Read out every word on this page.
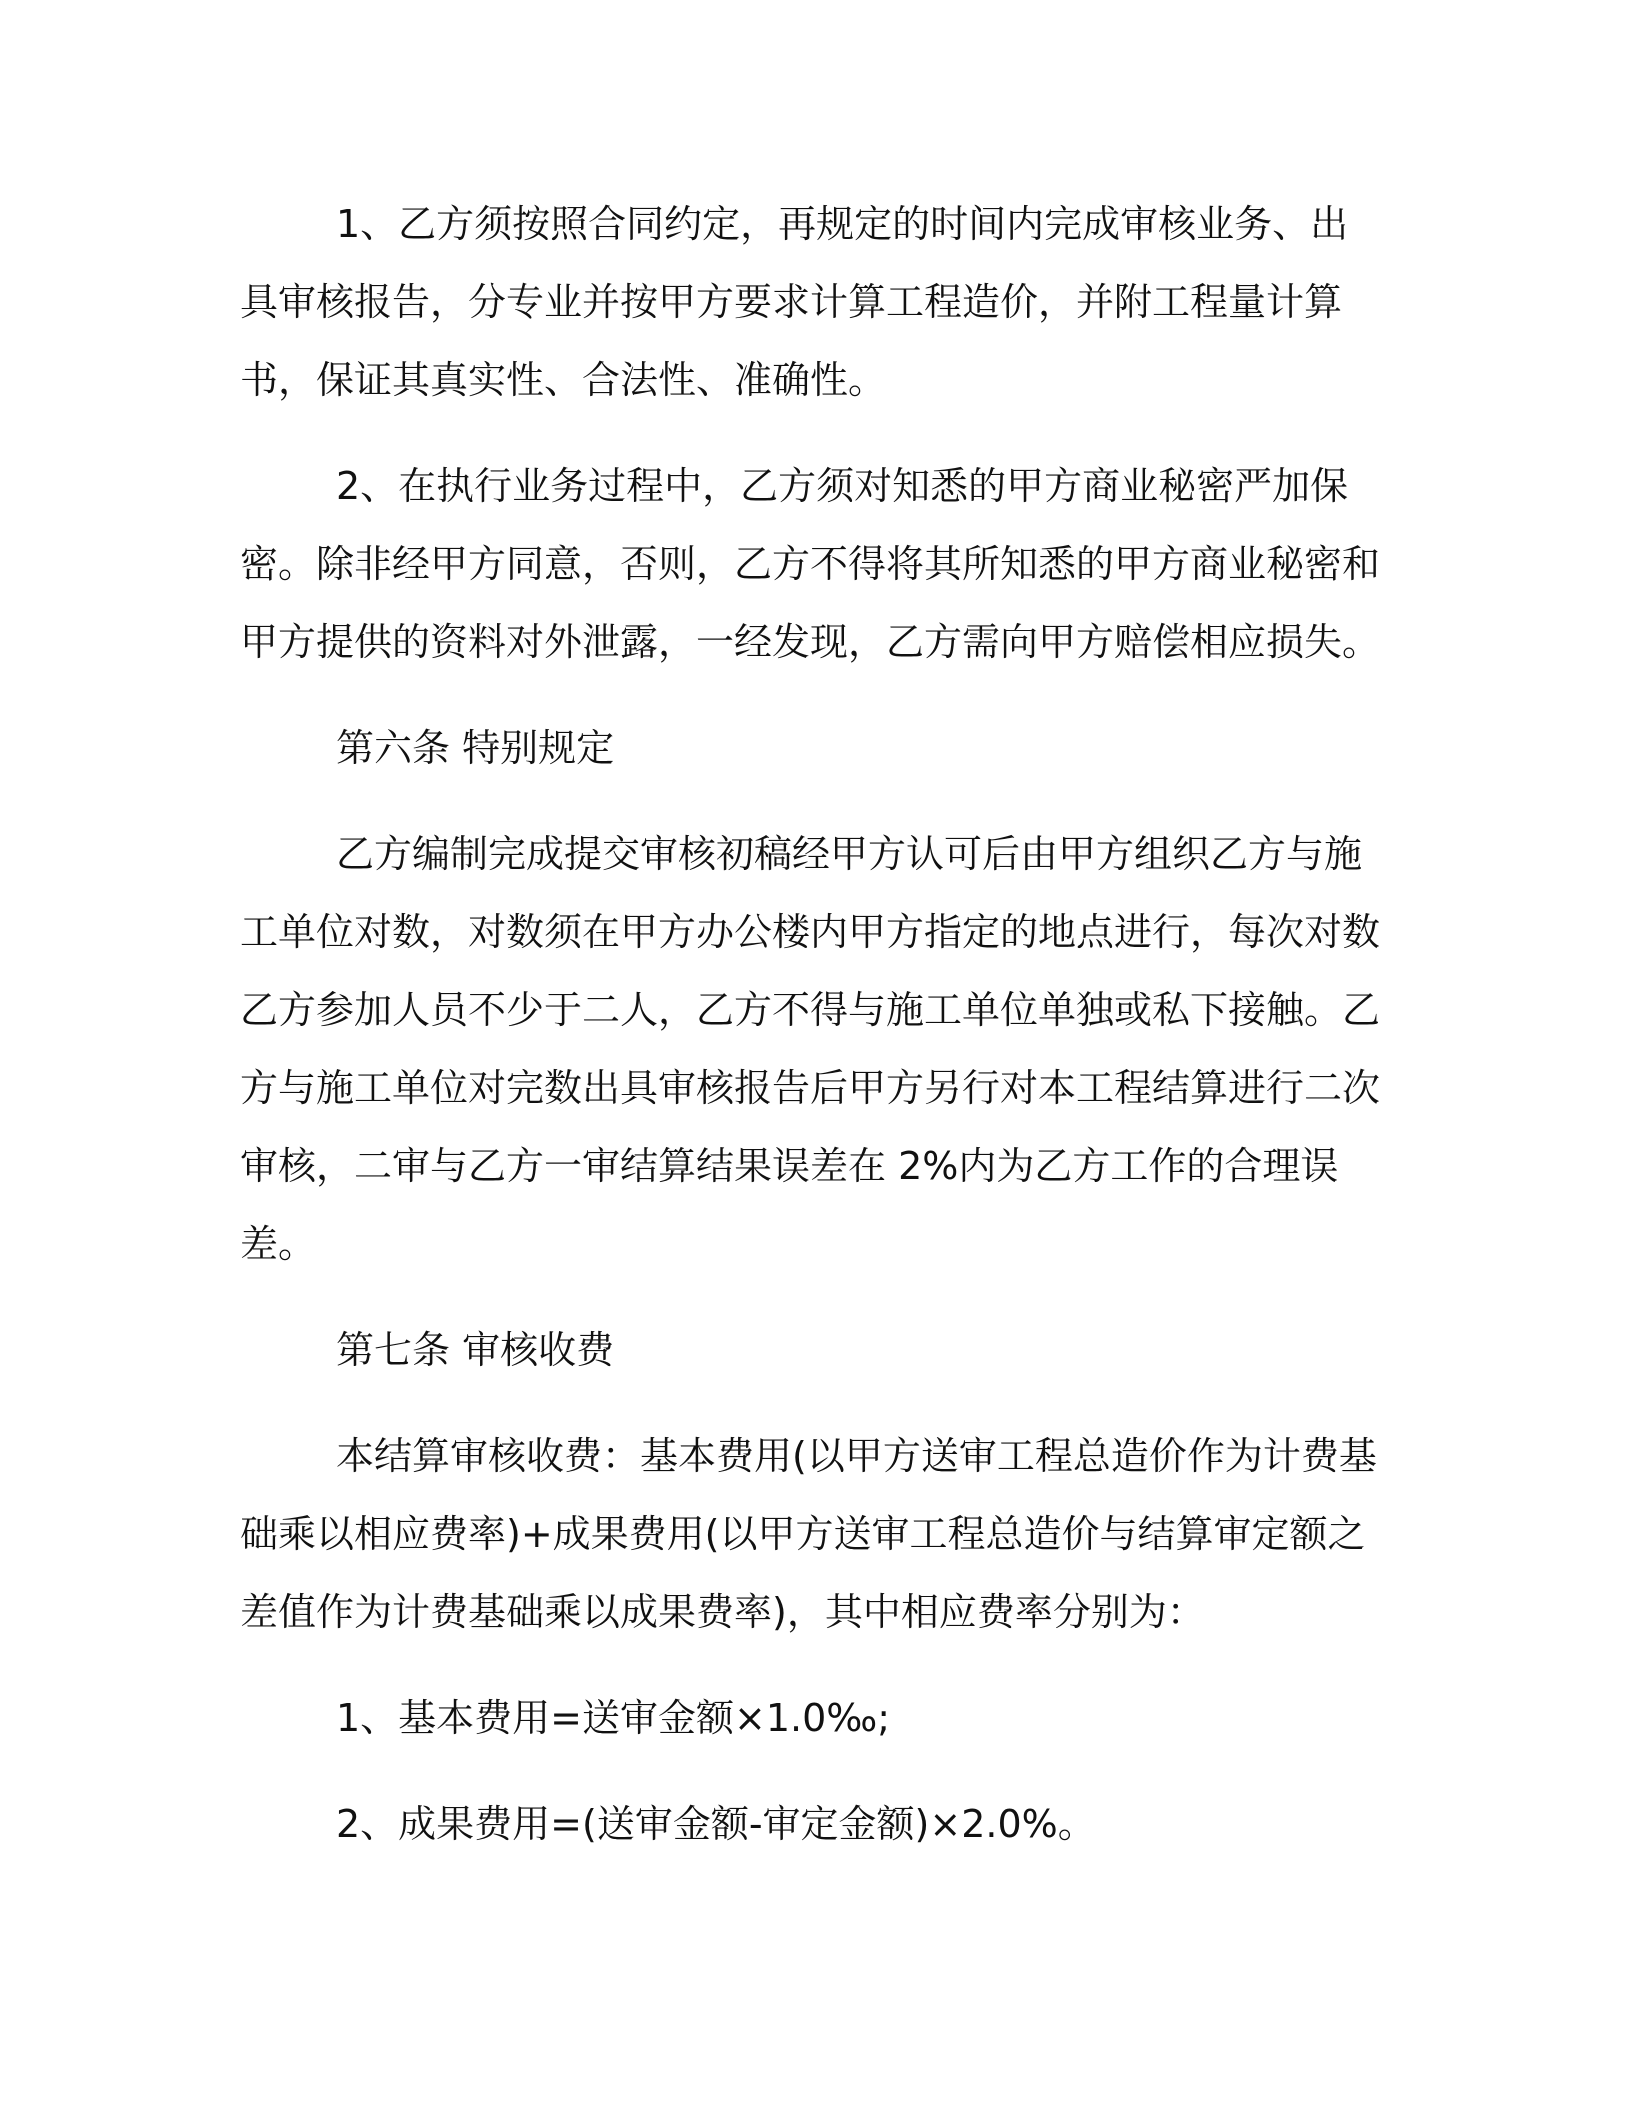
1、乙方须按照合同约定，再规定的时间内完成审核业务、出具审核报告，分专业并按甲方要求计算工程造价，并附工程量计算书，保证其真实性、合法性、准确性。

2、在执行业务过程中，乙方须对知悉的甲方商业秘密严加保密。除非经甲方同意，否则，乙方不得将其所知悉的甲方商业秘密和甲方提供的资料对外泄露，一经发现，乙方需向甲方赔偿相应损失。

第六条 特别规定

乙方编制完成提交审核初稿经甲方认可后由甲方组织乙方与施工单位对数，对数须在甲方办公楼内甲方指定的地点进行，每次对数乙方参加人员不少于二人，乙方不得与施工单位单独或私下接触。乙方与施工单位对完数出具审核报告后甲方另行对本工程结算进行二次审核，二审与乙方一审结算结果误差在 2%内为乙方工作的合理误差。

第七条 审核收费

本结算审核收费：基本费用(以甲方送审工程总造价作为计费基础乘以相应费率)+成果费用(以甲方送审工程总造价与结算审定额之差值作为计费基础乘以成果费率)，其中相应费率分别为：

1、基本费用=送审金额×1.0‰;

2、成果费用=(送审金额-审定金额)×2.0%。
